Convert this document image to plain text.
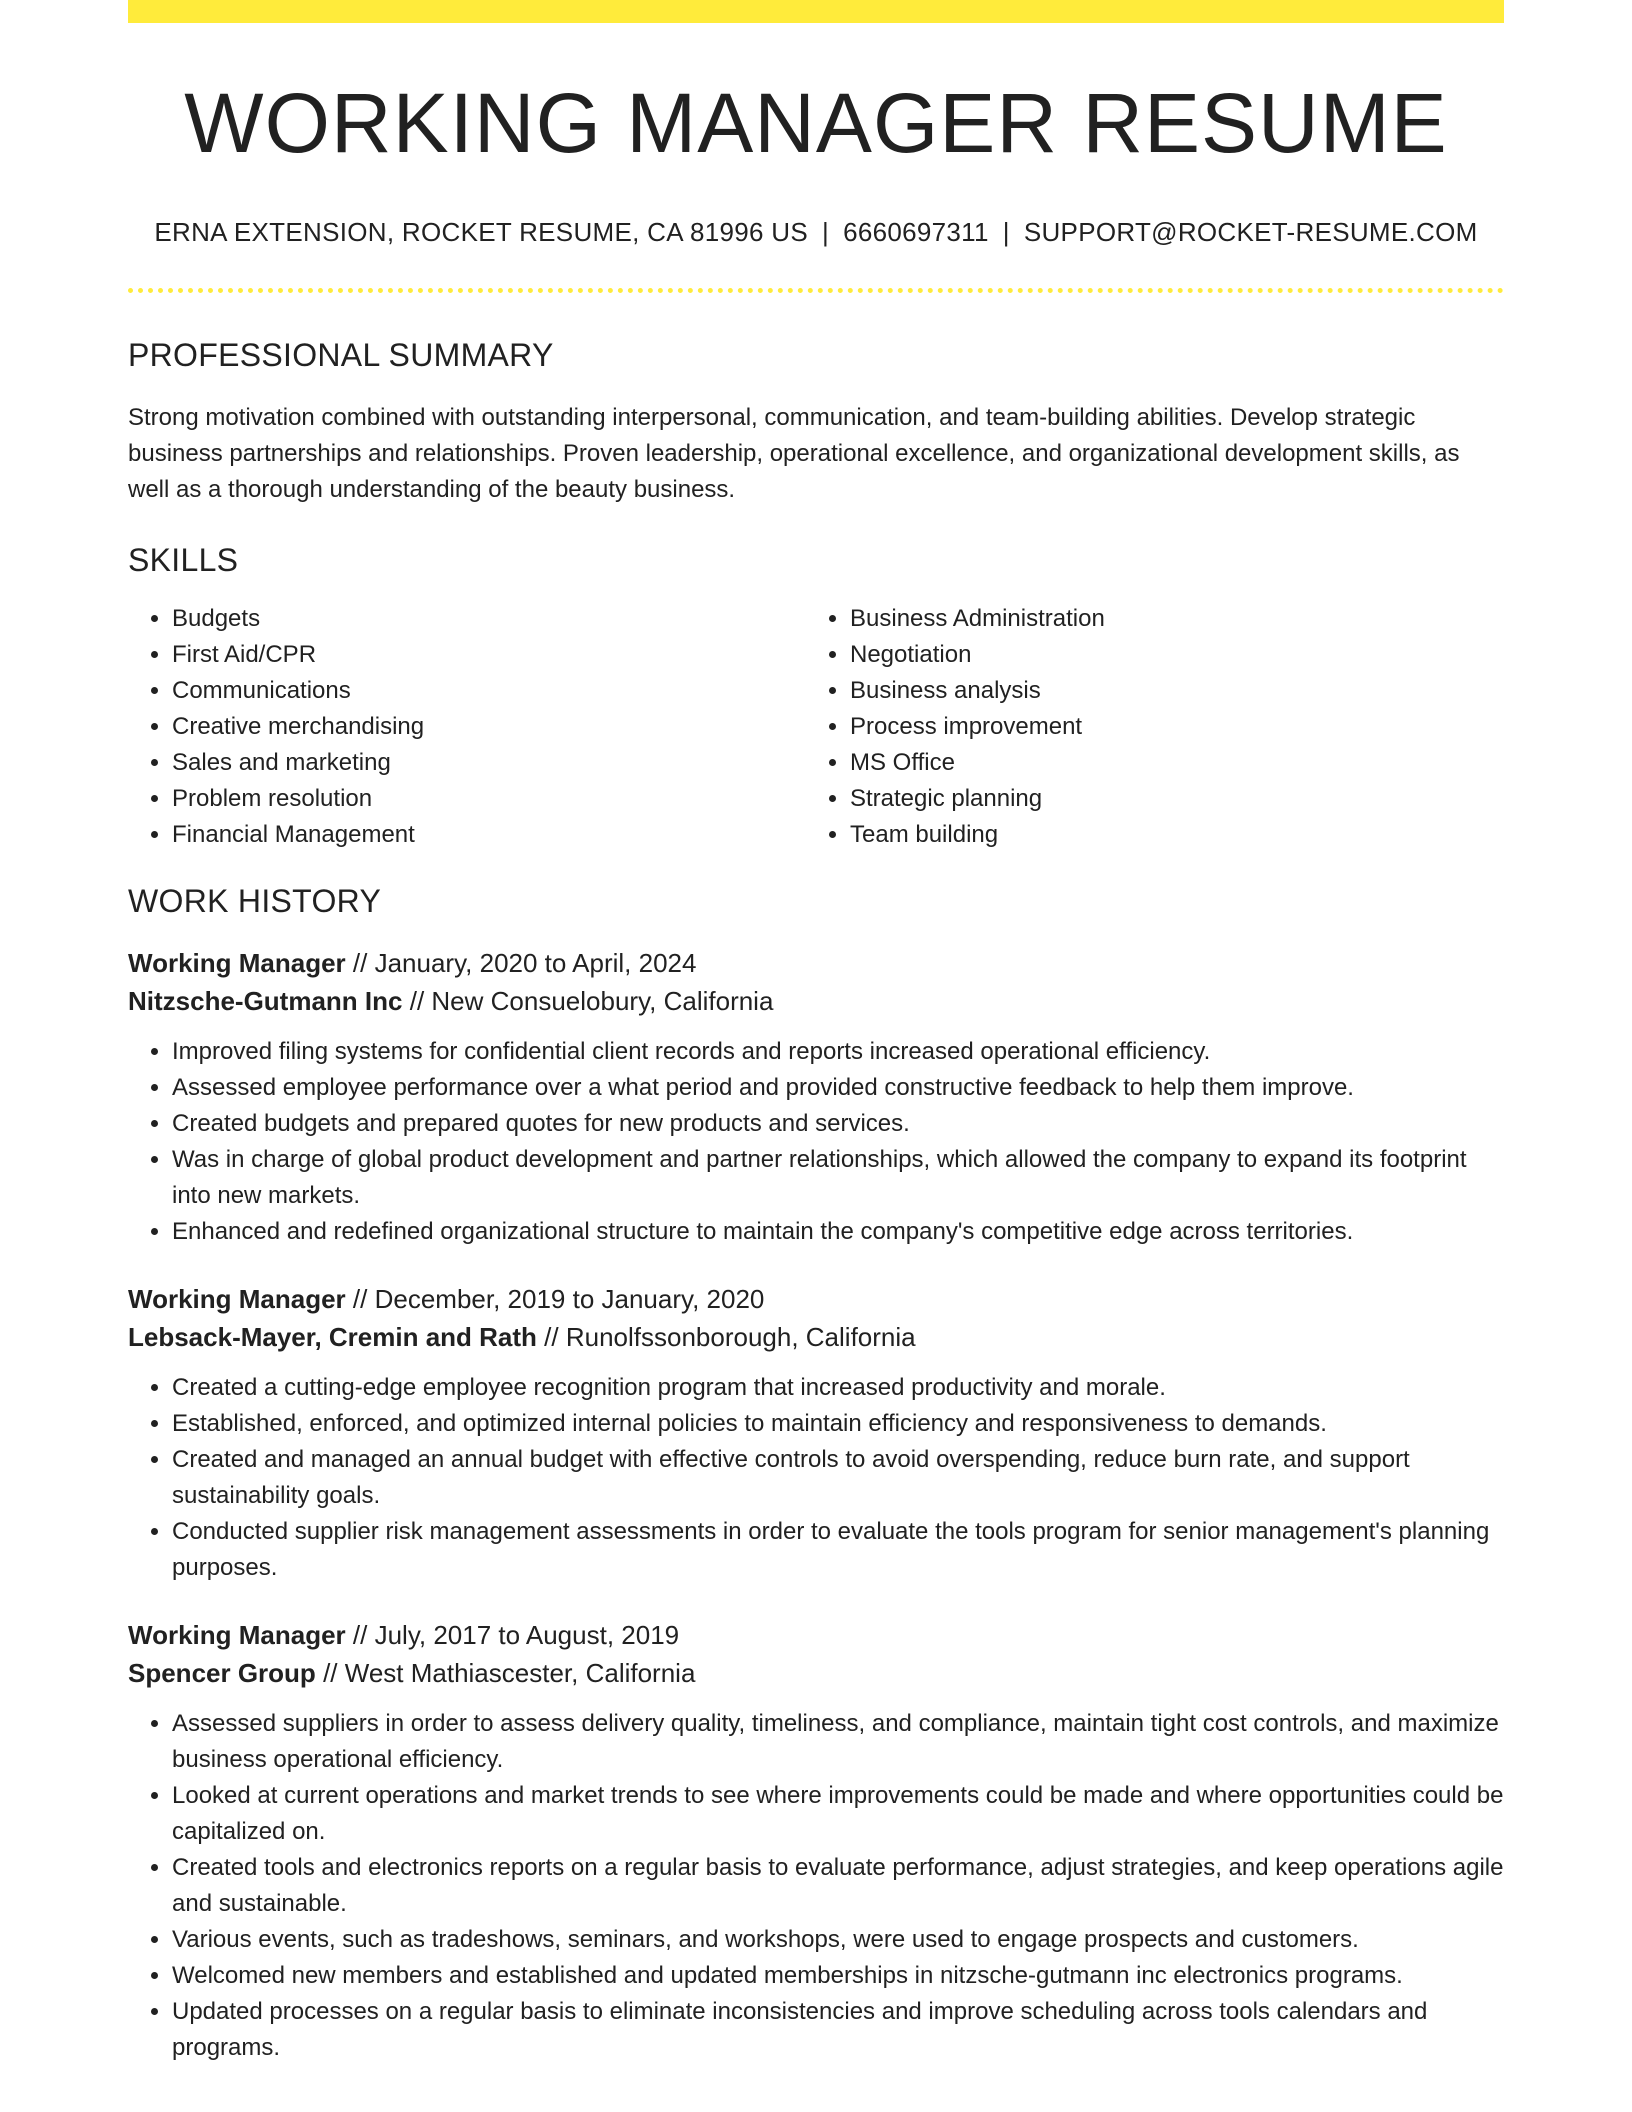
WORKING MANAGER RESUME
ERNA EXTENSION, ROCKET RESUME, CA 81996 US | 6660697311 | SUPPORT@ROCKET-RESUME.COM
PROFESSIONAL SUMMARY
Strong motivation combined with outstanding interpersonal, communication, and team-building abilities. Develop strategic business partnerships and relationships. Proven leadership, operational excellence, and organizational development skills, as well as a thorough understanding of the beauty business.
SKILLS
• Budgets
• First Aid/CPR
• Communications
• Creative merchandising
• Sales and marketing
• Problem resolution
• Financial Management
• Business Administration
• Negotiation
• Business analysis
• Process improvement
• MS Office
• Strategic planning
• Team building
WORK HISTORY
Working Manager // January, 2020 to April, 2024
Nitzsche-Gutmann Inc // New Consuelobury, California
• Improved filing systems for confidential client records and reports increased operational efficiency.
• Assessed employee performance over a what period and provided constructive feedback to help them improve.
• Created budgets and prepared quotes for new products and services.
• Was in charge of global product development and partner relationships, which allowed the company to expand its footprint into new markets.
• Enhanced and redefined organizational structure to maintain the company's competitive edge across territories.
Working Manager // December, 2019 to January, 2020
Lebsack-Mayer, Cremin and Rath // Runolfssonborough, California
• Created a cutting-edge employee recognition program that increased productivity and morale.
• Established, enforced, and optimized internal policies to maintain efficiency and responsiveness to demands.
• Created and managed an annual budget with effective controls to avoid overspending, reduce burn rate, and support sustainability goals.
• Conducted supplier risk management assessments in order to evaluate the tools program for senior management's planning purposes.
Working Manager // July, 2017 to August, 2019
Spencer Group // West Mathiascester, California
• Assessed suppliers in order to assess delivery quality, timeliness, and compliance, maintain tight cost controls, and maximize business operational efficiency.
• Looked at current operations and market trends to see where improvements could be made and where opportunities could be capitalized on.
• Created tools and electronics reports on a regular basis to evaluate performance, adjust strategies, and keep operations agile and sustainable.
• Various events, such as tradeshows, seminars, and workshops, were used to engage prospects and customers.
• Welcomed new members and established and updated memberships in nitzsche-gutmann inc electronics programs.
• Updated processes on a regular basis to eliminate inconsistencies and improve scheduling across tools calendars and programs.
